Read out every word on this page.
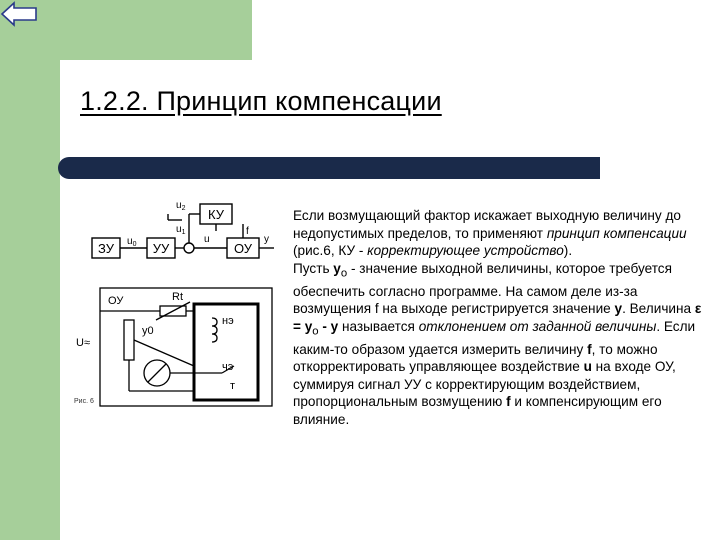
1.2.2. Принцип компенсации
ЗУ	УУ	ОУ
КУ
$u_0$
$u_1$
$u_2$
u
f
y
ОУ	Rt
y0
нэ
чэ
т
U≈
Рис. 6

Если возмущающий фактор искажает выходную величину до недопустимых пределов, то применяют принцип компенсации (рис.6, КУ - корректирующее устройство).
Пусть $y_o$ - значение выходной величины, которое требуется обеспечить согласно программе. На самом деле из-за возмущения f на выходе регистрируется значение y. Величина $\varepsilon = y_o - y$ называется отклонением от заданной величины. Если каким-то образом удается измерить величину f, то можно откорректировать управляющее воздействие u на входе ОУ, суммируя сигнал УУ с корректирующим воздействием, пропорциональным возмущению f и компенсирующим его влияние.
